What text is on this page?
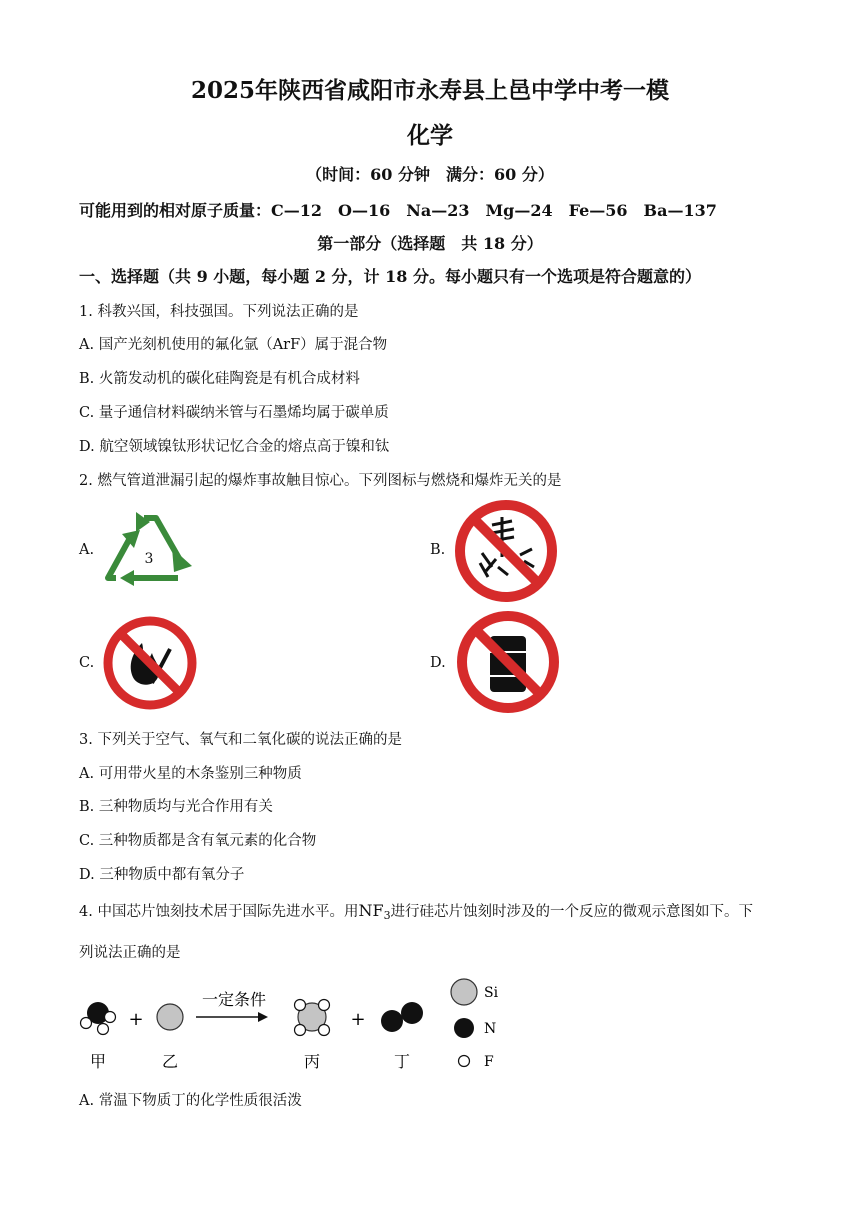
2025年陕西省咸阳市永寿县上邑中学中考一模
化学
（时间：60 分钟　满分：60 分）
可能用到的相对原子质量：C—12　O—16　Na—23　Mg—24　Fe—56　Ba—137
第一部分（选择题　共 18 分）
一、选择题（共 9 小题，每小题 2 分，计 18 分。每小题只有一个选项是符合题意的）
1. 科教兴国，科技强国。下列说法正确的是
A. 国产光刻机使用的氟化氩（ArF）属于混合物
B. 火箭发动机的碳化硅陶瓷是有机合成材料
C. 量子通信材料碳纳米管与石墨烯均属于碳单质
D. 航空领域镍钛形状记忆合金的熔点高于镍和钛
2. 燃气管道泄漏引起的爆炸事故触目惊心。下列图标与燃烧和爆炸无关的是
A.
3
B.
C.	D.
3. 下列关于空气、氧气和二氧化碳的说法正确的是
A. 可用带火星的木条鉴别三种物质
B. 三种物质均与光合作用有关
C. 三种物质都是含有氧元素的化合物
D. 三种物质中都有氧分子
4. 中国芯片蚀刻技术居于国际先进水平。用$NF_3$进行硅芯片蚀刻时涉及的一个反应的微观示意图如下。下
列说法正确的是
+
一定条件
+
甲	乙	丙	丁
Si
N
F
A. 常温下物质丁的化学性质很活泼
